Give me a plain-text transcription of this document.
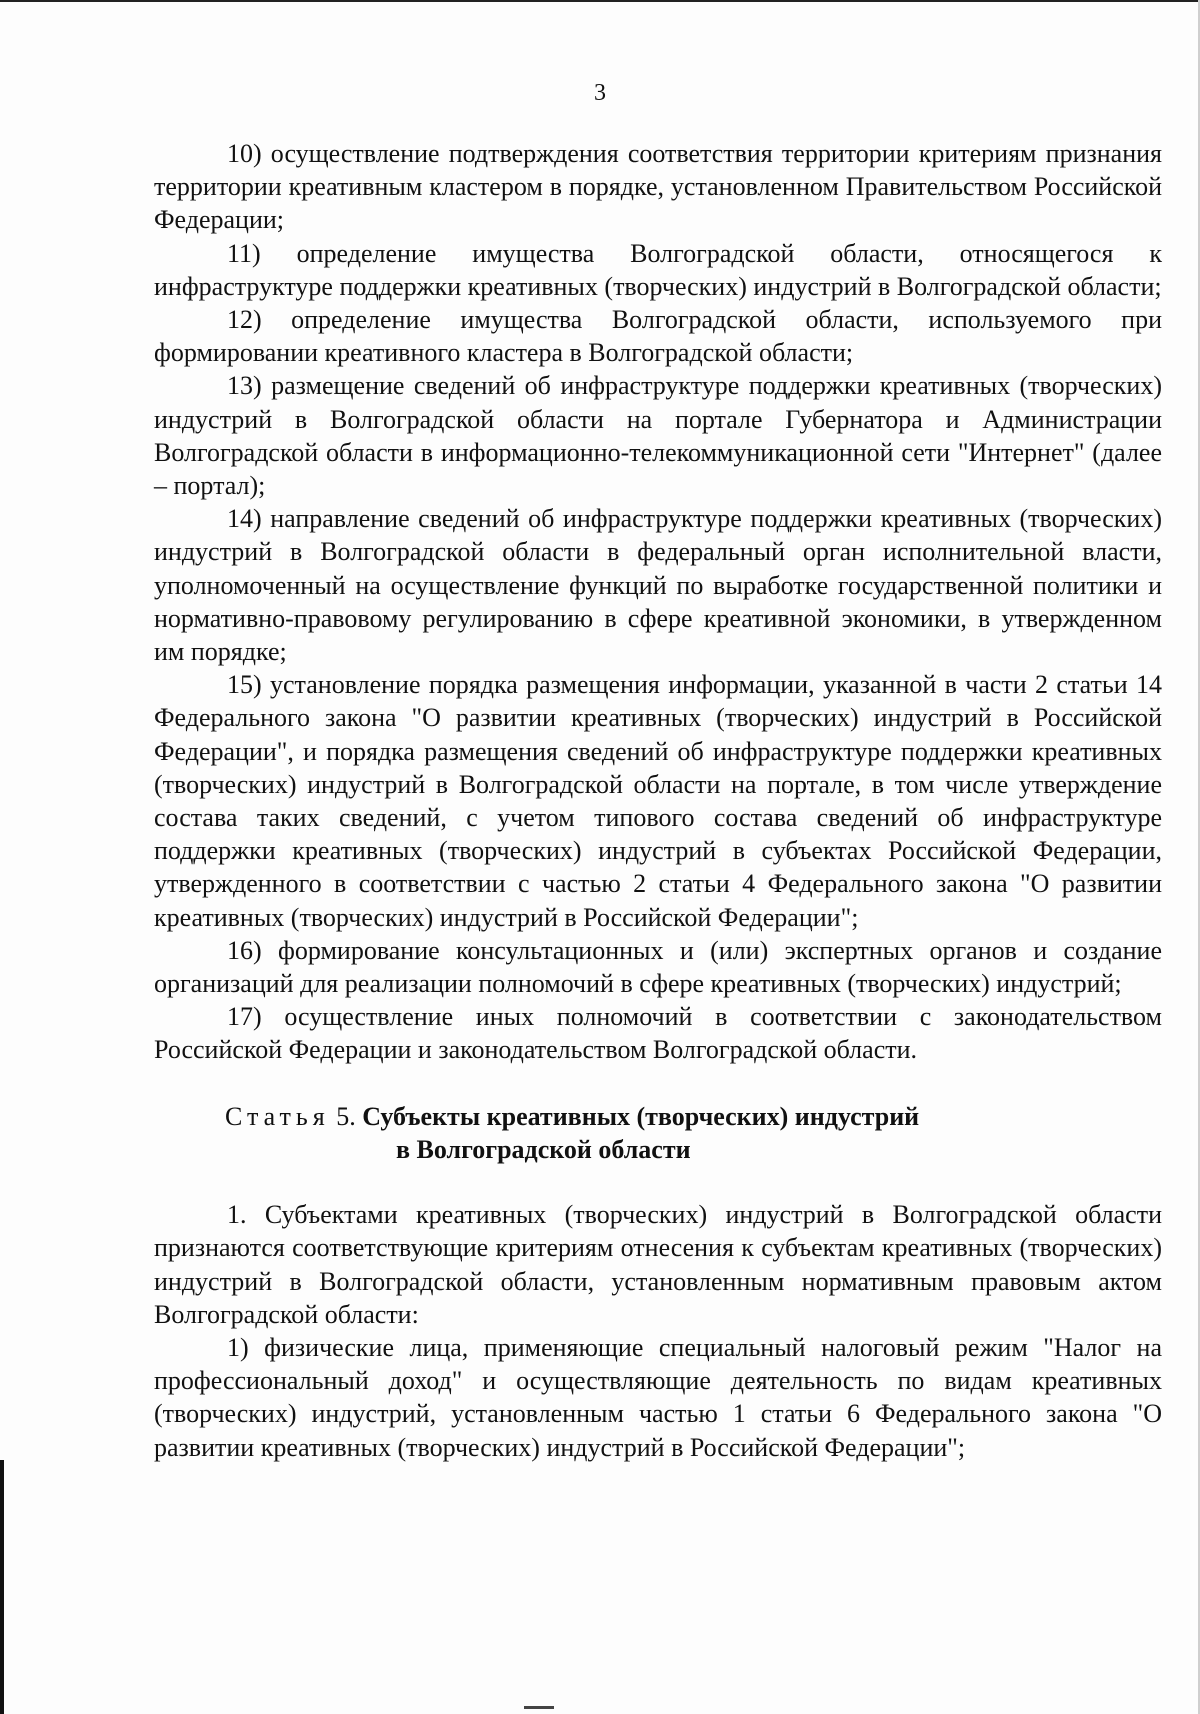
3

10) осуществление подтверждения соответствия территории критериям признания территории креативным кластером в порядке, установленном Правительством Российской Федерации;

11) определение имущества Волгоградской области, относящегося к инфраструктуре поддержки креативных (творческих) индустрий в Волгоградской области;

12) определение имущества Волгоградской области, используемого при формировании креативного кластера в Волгоградской области;

13) размещение сведений об инфраструктуре поддержки креативных (творческих) индустрий в Волгоградской области на портале Губернатора и Администрации Волгоградской области в информационно-телекоммуникационной сети "Интернет" (далее – портал);

14) направление сведений об инфраструктуре поддержки креативных (творческих) индустрий в Волгоградской области в федеральный орган исполнительной власти, уполномоченный на осуществление функций по выработке государственной политики и нормативно-правовому регулированию в сфере креативной экономики, в утвержденном им порядке;

15) установление порядка размещения информации, указанной в части 2 статьи 14 Федерального закона "О развитии креативных (творческих) индустрий в Российской Федерации", и порядка размещения сведений об инфраструктуре поддержки креативных (творческих) индустрий в Волгоградской области на портале, в том числе утверждение состава таких сведений, с учетом типового состава сведений об инфраструктуре поддержки креативных (творческих) индустрий в субъектах Российской Федерации, утвержденного в соответствии с частью 2 статьи 4 Федерального закона "О развитии креативных (творческих) индустрий в Российской Федерации";

16) формирование консультационных и (или) экспертных органов и создание организаций для реализации полномочий в сфере креативных (творческих) индустрий;

17) осуществление иных полномочий в соответствии с законодательством Российской Федерации и законодательством Волгоградской области.

Статья 5. Субъекты креативных (творческих) индустрий
в Волгоградской области

1. Субъектами креативных (творческих) индустрий в Волгоградской области признаются соответствующие критериям отнесения к субъектам креативных (творческих) индустрий в Волгоградской области, установленным нормативным правовым актом Волгоградской области:

1) физические лица, применяющие специальный налоговый режим "Налог на профессиональный доход" и осуществляющие деятельность по видам креативных (творческих) индустрий, установленным частью 1 статьи 6 Федерального закона "О развитии креативных (творческих) индустрий в Российской Федерации";
